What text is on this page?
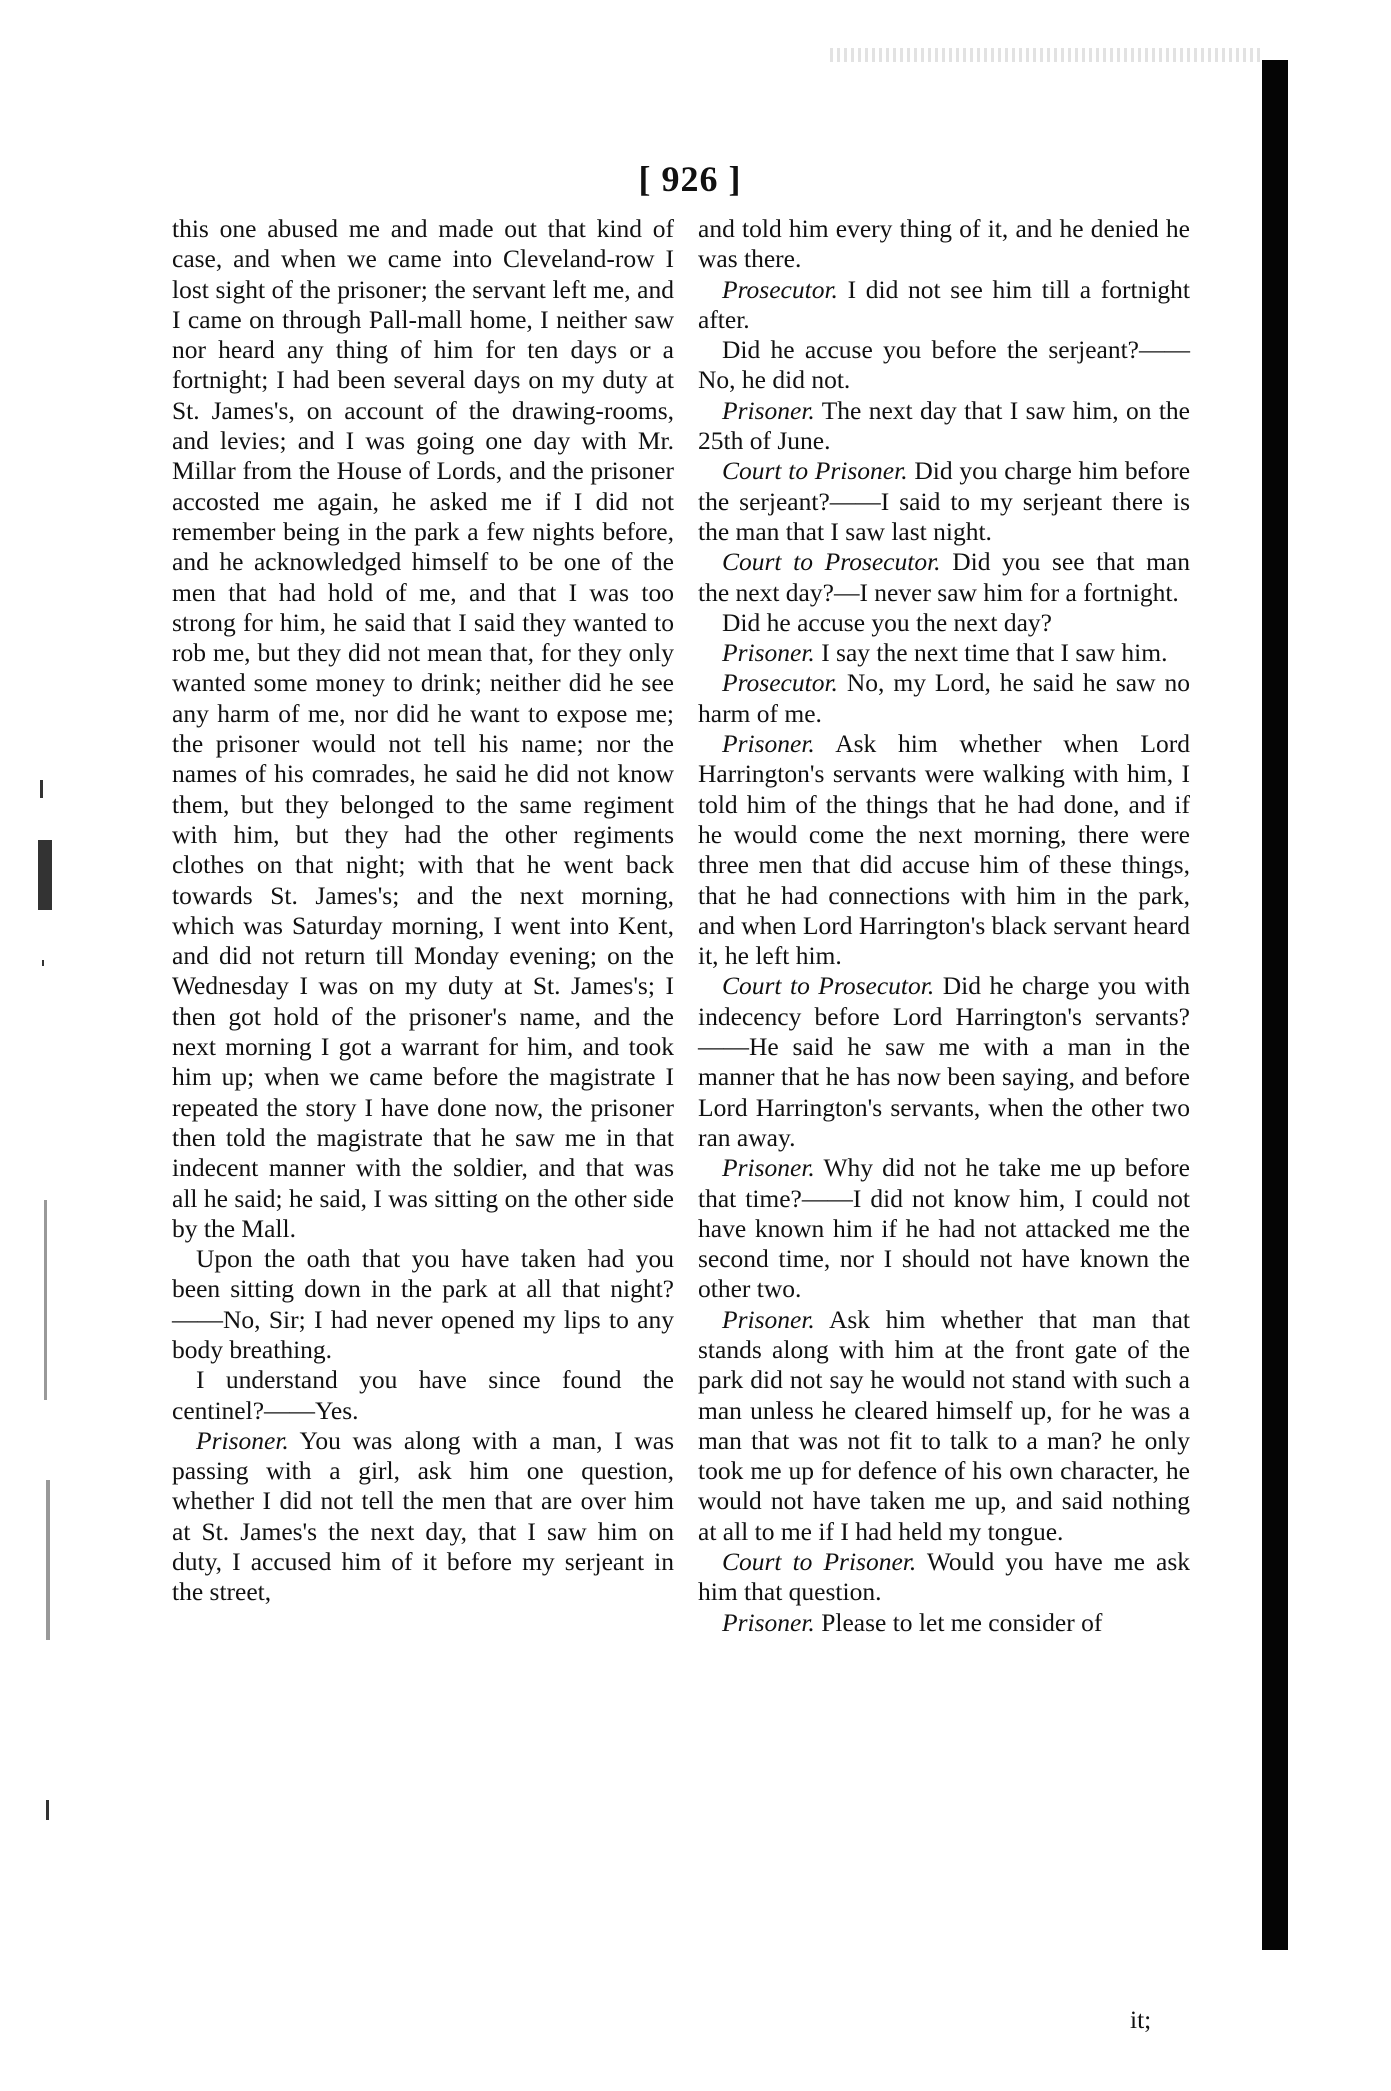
[ 926 ]

this one abused me and made out that kind of case, and when we came into Cleveland-row I lost sight of the prisoner; the servant left me, and I came on through Pall-mall home, I neither saw nor heard any thing of him for ten days or a fortnight; I had been several days on my duty at St. James's, on account of the drawing-rooms, and levies; and I was going one day with Mr. Millar from the House of Lords, and the prisoner accosted me again, he asked me if I did not remember being in the park a few nights before, and he acknowledged himself to be one of the men that had hold of me, and that I was too strong for him, he said that I said they wanted to rob me, but they did not mean that, for they only wanted some money to drink; neither did he see any harm of me, nor did he want to expose me; the prisoner would not tell his name; nor the names of his comrades, he said he did not know them, but they belonged to the same regiment with him, but they had the other regiments clothes on that night; with that he went back towards St. James's; and the next morning, which was Saturday morning, I went into Kent, and did not return till Monday evening; on the Wednesday I was on my duty at St. James's; I then got hold of the prisoner's name, and the next morning I got a warrant for him, and took him up; when we came before the magistrate I repeated the story I have done now, the prisoner then told the magistrate that he saw me in that indecent manner with the soldier, and that was all he said; he said, I was sitting on the other side by the Mall.

Upon the oath that you have taken had you been sitting down in the park at all that night?——No, Sir; I had never opened my lips to any body breathing.

I understand you have since found the centinel?——Yes.

Prisoner. You was along with a man, I was passing with a girl, ask him one question, whether I did not tell the men that are over him at St. James's the next day, that I saw him on duty, I accused him of it before my serjeant in the street,

and told him every thing of it, and he denied he was there.

Prosecutor. I did not see him till a fortnight after.

Did he accuse you before the serjeant?——No, he did not.

Prisoner. The next day that I saw him, on the 25th of June.

Court to Prisoner. Did you charge him before the serjeant?——I said to my serjeant there is the man that I saw last night.

Court to Prosecutor. Did you see that man the next day?—I never saw him for a fortnight.

Did he accuse you the next day?

Prisoner. I say the next time that I saw him.

Prosecutor. No, my Lord, he said he saw no harm of me.

Prisoner. Ask him whether when Lord Harrington's servants were walking with him, I told him of the things that he had done, and if he would come the next morning, there were three men that did accuse him of these things, that he had connections with him in the park, and when Lord Harrington's black servant heard it, he left him.

Court to Prosecutor. Did he charge you with indecency before Lord Harrington's servants?——He said he saw me with a man in the manner that he has now been saying, and before Lord Harrington's servants, when the other two ran away.

Prisoner. Why did not he take me up before that time?——I did not know him, I could not have known him if he had not attacked me the second time, nor I should not have known the other two.

Prisoner. Ask him whether that man that stands along with him at the front gate of the park did not say he would not stand with such a man unless he cleared himself up, for he was a man that was not fit to talk to a man? he only took me up for defence of his own character, he would not have taken me up, and said nothing at all to me if I had held my tongue.

Court to Prisoner. Would you have me ask him that question.

Prisoner. Please to let me consider of

it;
